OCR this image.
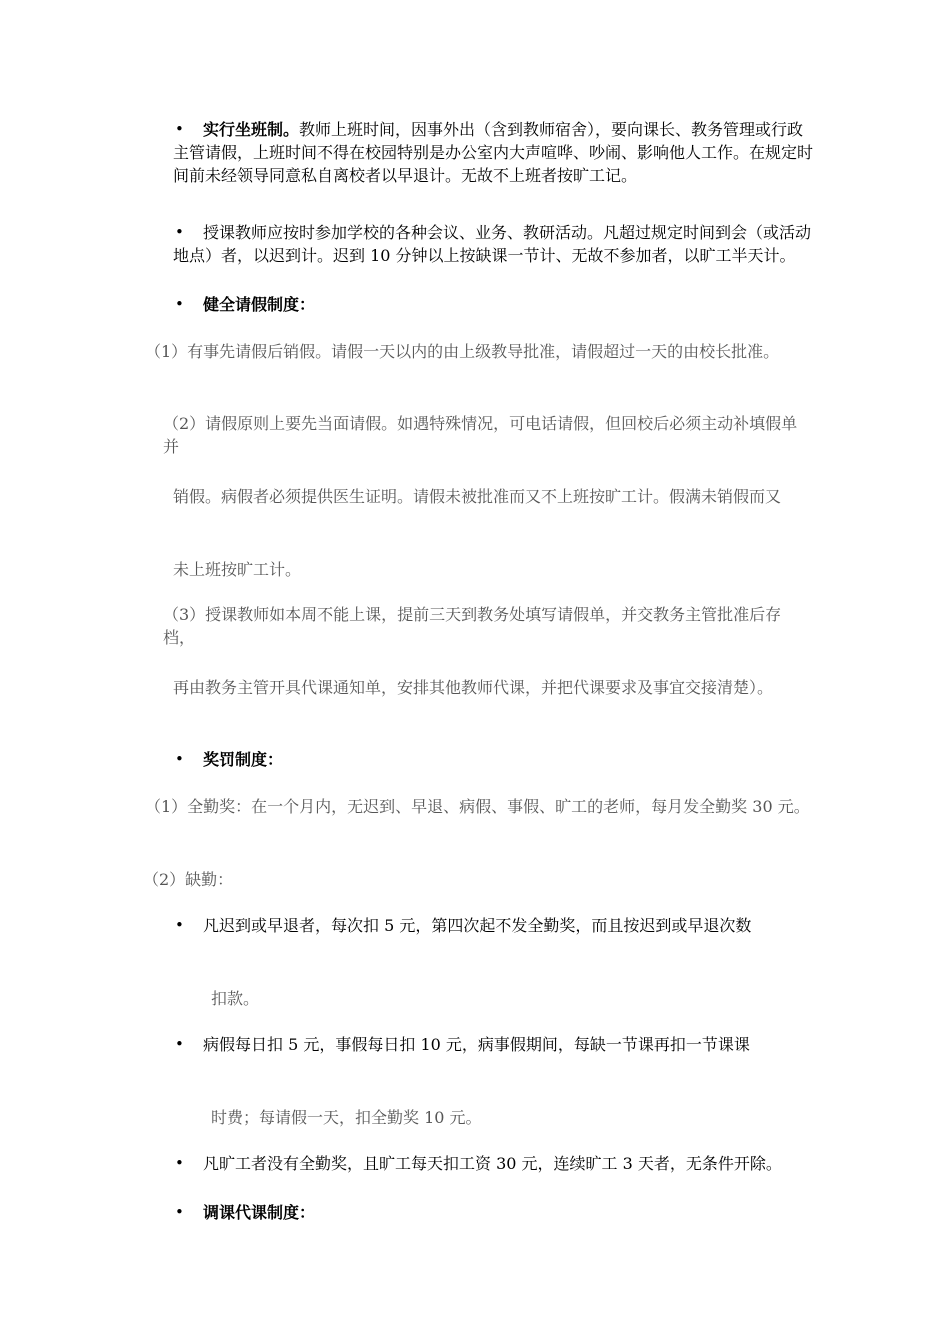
•	实行坐班制。教师上班时间，因事外出（含到教师宿舍），要向课长、教务管理或行政主管请假，上班时间不得在校园特别是办公室内大声喧哗、吵闹、影响他人工作。在规定时间前未经领导同意私自离校者以早退计。无故不上班者按旷工记。
•	授课教师应按时参加学校的各种会议、业务、教研活动。凡超过规定时间到会（或活动地点）者，以迟到计。迟到 10 分钟以上按缺课一节计、无故不参加者，以旷工半天计。
• 健全请假制度：
（1）有事先请假后销假。请假一天以内的由上级教导批准，请假超过一天的由校长批准。
（2）请假原则上要先当面请假。如遇特殊情况，可电话请假，但回校后必须主动补填假单并
销假。病假者必须提供医生证明。请假未被批准而又不上班按旷工计。假满未销假而又
未上班按旷工计。
（3）授课教师如本周不能上课，提前三天到教务处填写请假单，并交教务主管批准后存档，
再由教务主管开具代课通知单，安排其他教师代课，并把代课要求及事宜交接清楚）。
• 奖罚制度：
（1）全勤奖：在一个月内，无迟到、早退、病假、事假、旷工的老师，每月发全勤奖 30 元。
（2）缺勤：
•	凡迟到或早退者，每次扣 5 元，第四次起不发全勤奖，而且按迟到或早退次数
扣款。
•	病假每日扣 5 元，事假每日扣 10 元，病事假期间，每缺一节课再扣一节课课
时费；每请假一天，扣全勤奖 10 元。
•	凡旷工者没有全勤奖，且旷工每天扣工资 30 元，连续旷工 3 天者，无条件开除。
• 调课代课制度：
